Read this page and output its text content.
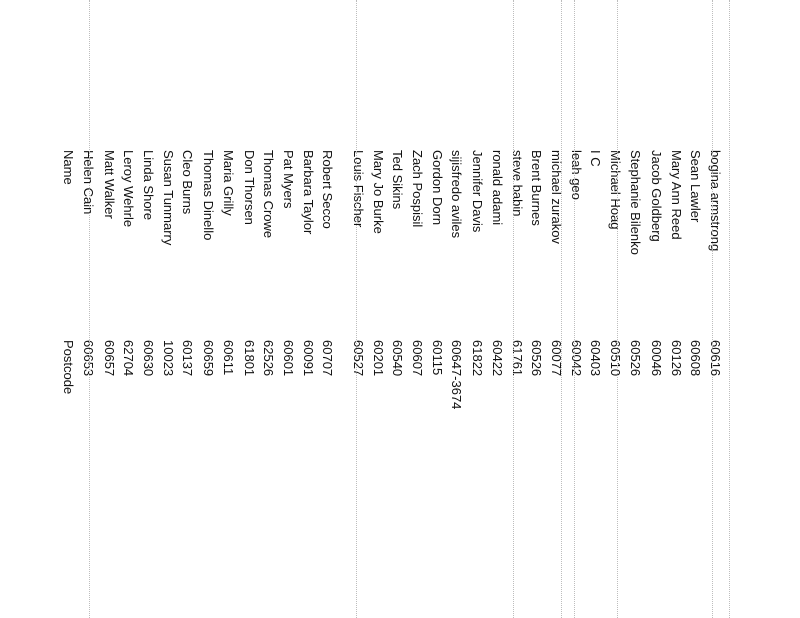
Name
Postcode
Helen Cain
60653
Matt Walker
60657
Leroy Wehrle
62704
Linda Shore
60630
Susan Tunmarry
10023
Cleo Burns
60137
Thomas Dinello
60659
Maria Grilly
60611
Don Thorsen
61801
Thomas Crowe
62526
Pat Myers
60601
Barbara Taylor
60091
Robert Secco
60707
Louis Fischer
60527
Mary Jo Burke
60201
Ted Sikins
60540
Zach Pospisil
60607
Gordon Dorn
60115
sijisfredo aviles
60647-3674
Jennifer Davis
61822
ronald adami
60422
steve babin
61761
Brent Burnes
60526
michael zurakov
60077
leah geo
60042
I C
60403
Michael Hoag
60510
Stephanie Bilenko
60526
Jacob Goldberg
60046
Mary Ann Reed
60126
Sean Lawler
60608
bogina armstrong
60616
